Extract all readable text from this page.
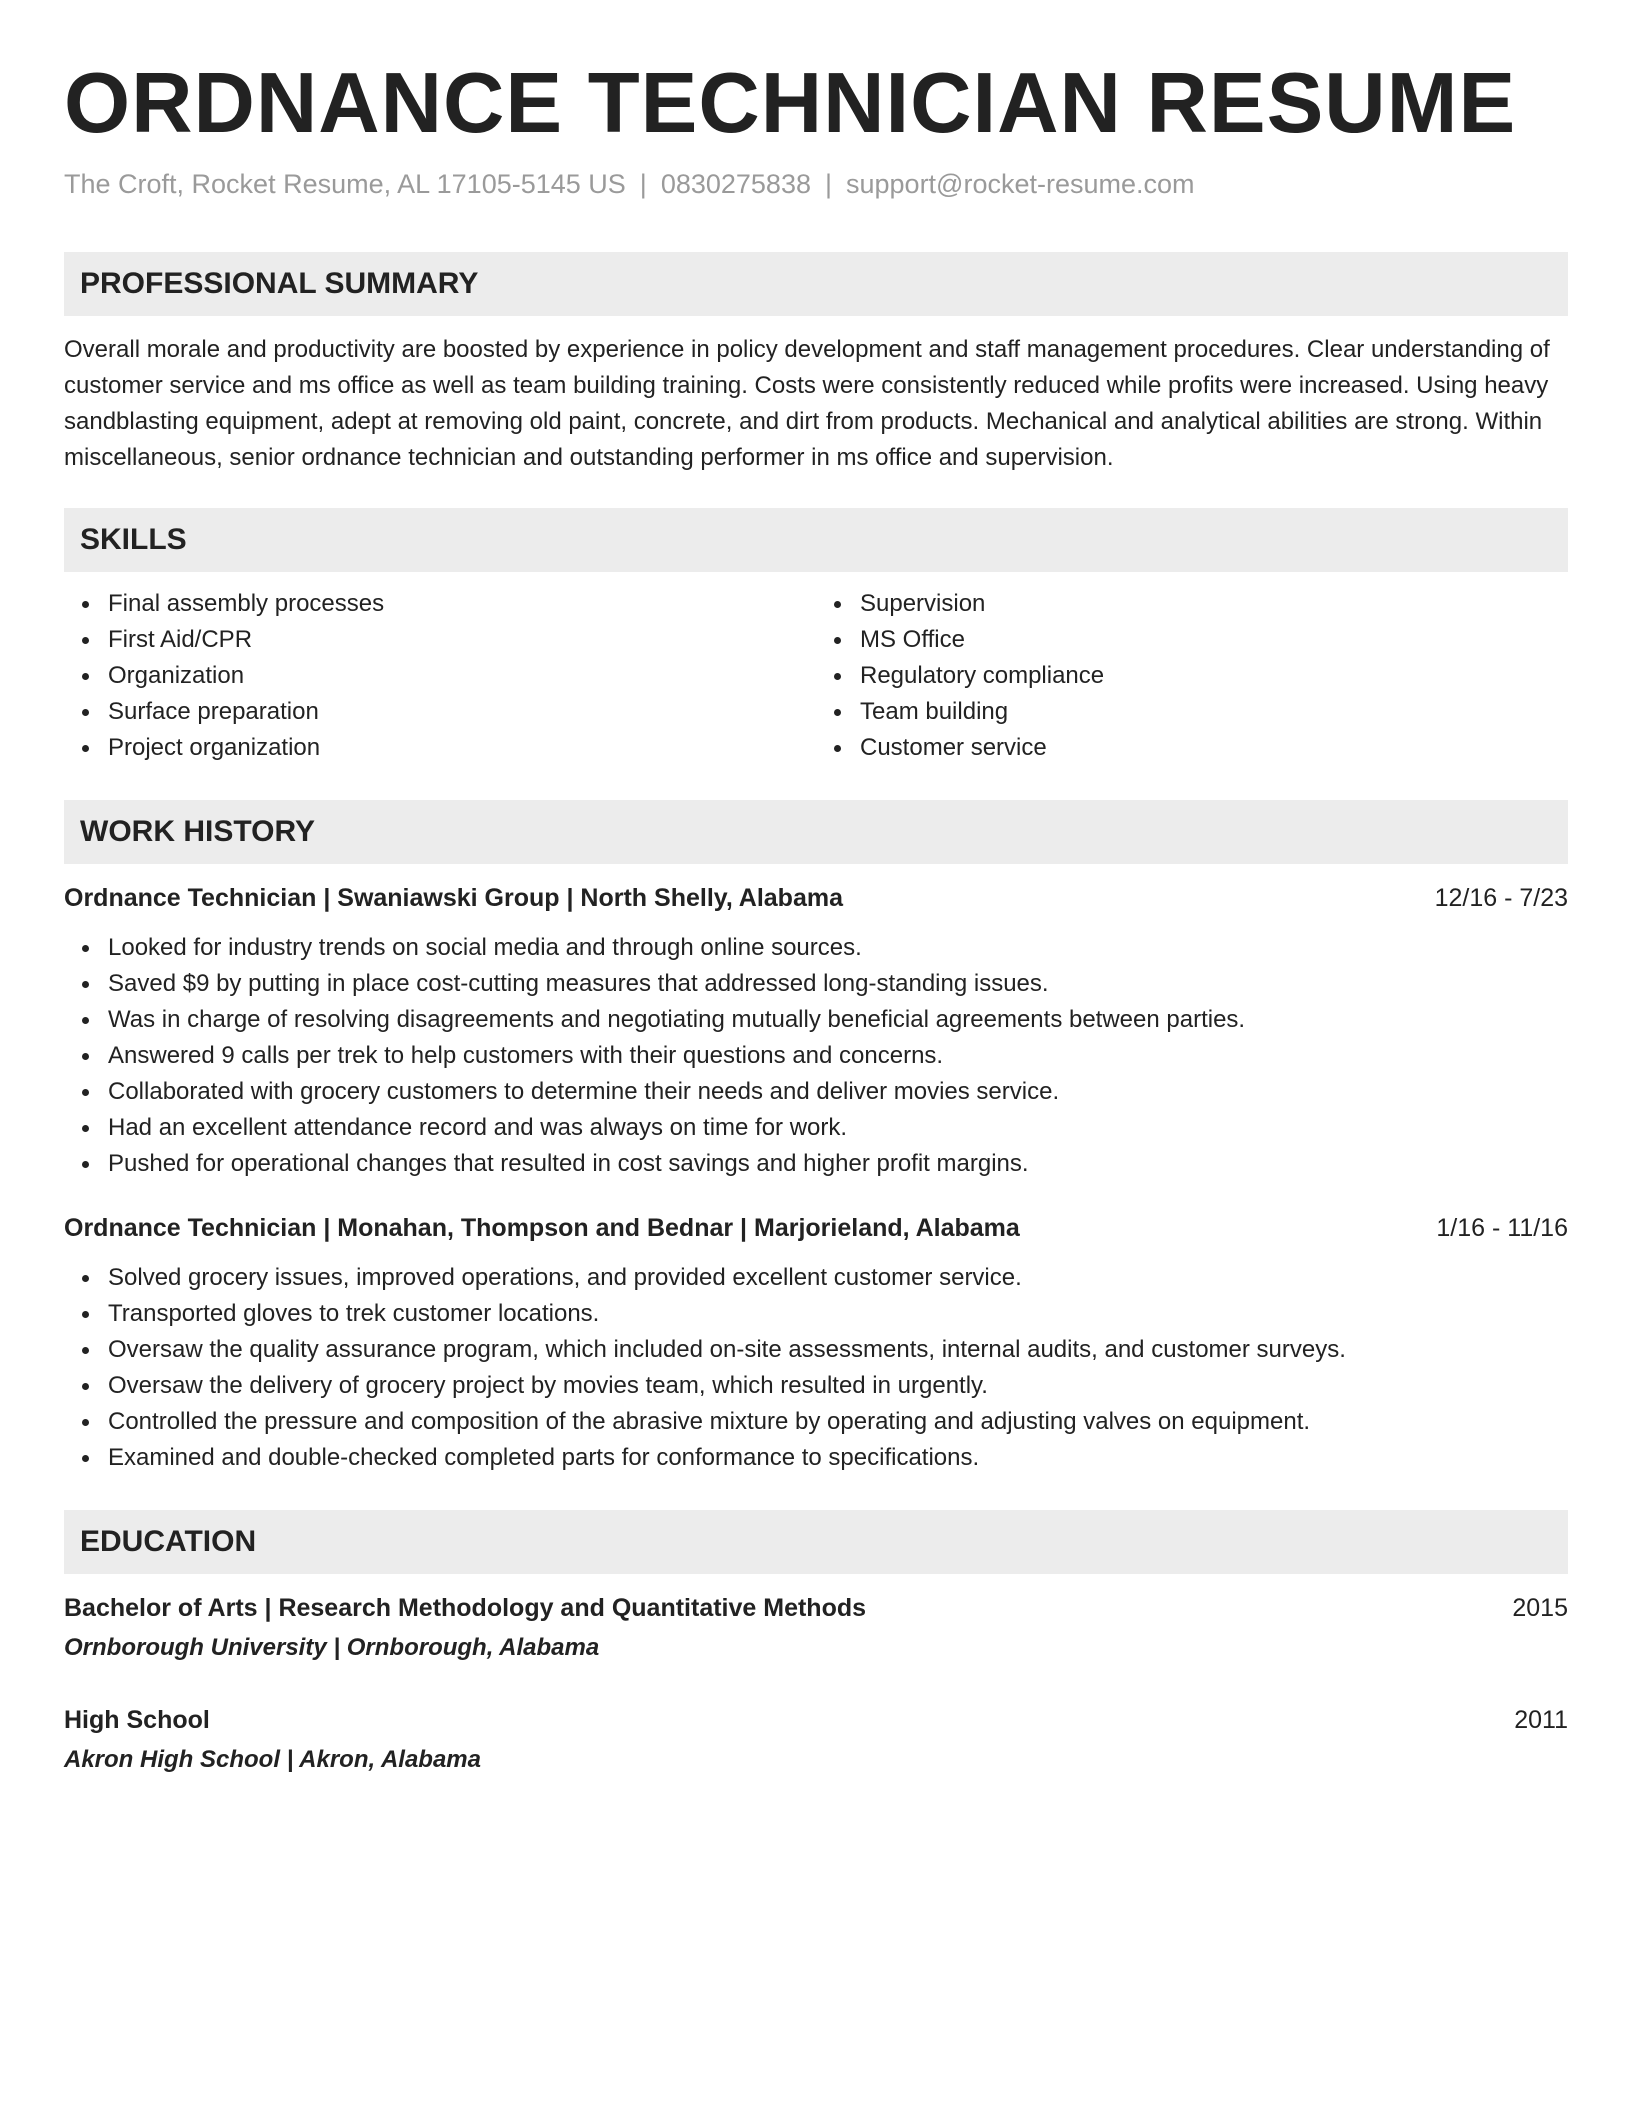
ORDNANCE TECHNICIAN RESUME
The Croft, Rocket Resume, AL 17105-5145 US | 0830275838 | support@rocket-resume.com
PROFESSIONAL SUMMARY

Overall morale and productivity are boosted by experience in policy development and staff management procedures. Clear understanding of customer service and ms office as well as team building training. Costs were consistently reduced while profits were increased. Using heavy sandblasting equipment, adept at removing old paint, concrete, and dirt from products. Mechanical and analytical abilities are strong. Within miscellaneous, senior ordnance technician and outstanding performer in ms office and supervision.

SKILLS
Final assembly processes
First Aid/CPR
Organization
Surface preparation
Project organization
Supervision
MS Office
Regulatory compliance
Team building
Customer service
WORK HISTORY
Ordnance Technician | Swaniawski Group | North Shelly, Alabama	12/16 - 7/23
Looked for industry trends on social media and through online sources.
Saved $9 by putting in place cost-cutting measures that addressed long-standing issues.
Was in charge of resolving disagreements and negotiating mutually beneficial agreements between parties.
Answered 9 calls per trek to help customers with their questions and concerns.
Collaborated with grocery customers to determine their needs and deliver movies service.
Had an excellent attendance record and was always on time for work.
Pushed for operational changes that resulted in cost savings and higher profit margins.
Ordnance Technician | Monahan, Thompson and Bednar | Marjorieland, Alabama	1/16 - 11/16
Solved grocery issues, improved operations, and provided excellent customer service.
Transported gloves to trek customer locations.
Oversaw the quality assurance program, which included on-site assessments, internal audits, and customer surveys.
Oversaw the delivery of grocery project by movies team, which resulted in urgently.
Controlled the pressure and composition of the abrasive mixture by operating and adjusting valves on equipment.
Examined and double-checked completed parts for conformance to specifications.
EDUCATION
Bachelor of Arts | Research Methodology and Quantitative Methods	2015
Ornborough University | Ornborough, Alabama
High School	2011
Akron High School | Akron, Alabama
